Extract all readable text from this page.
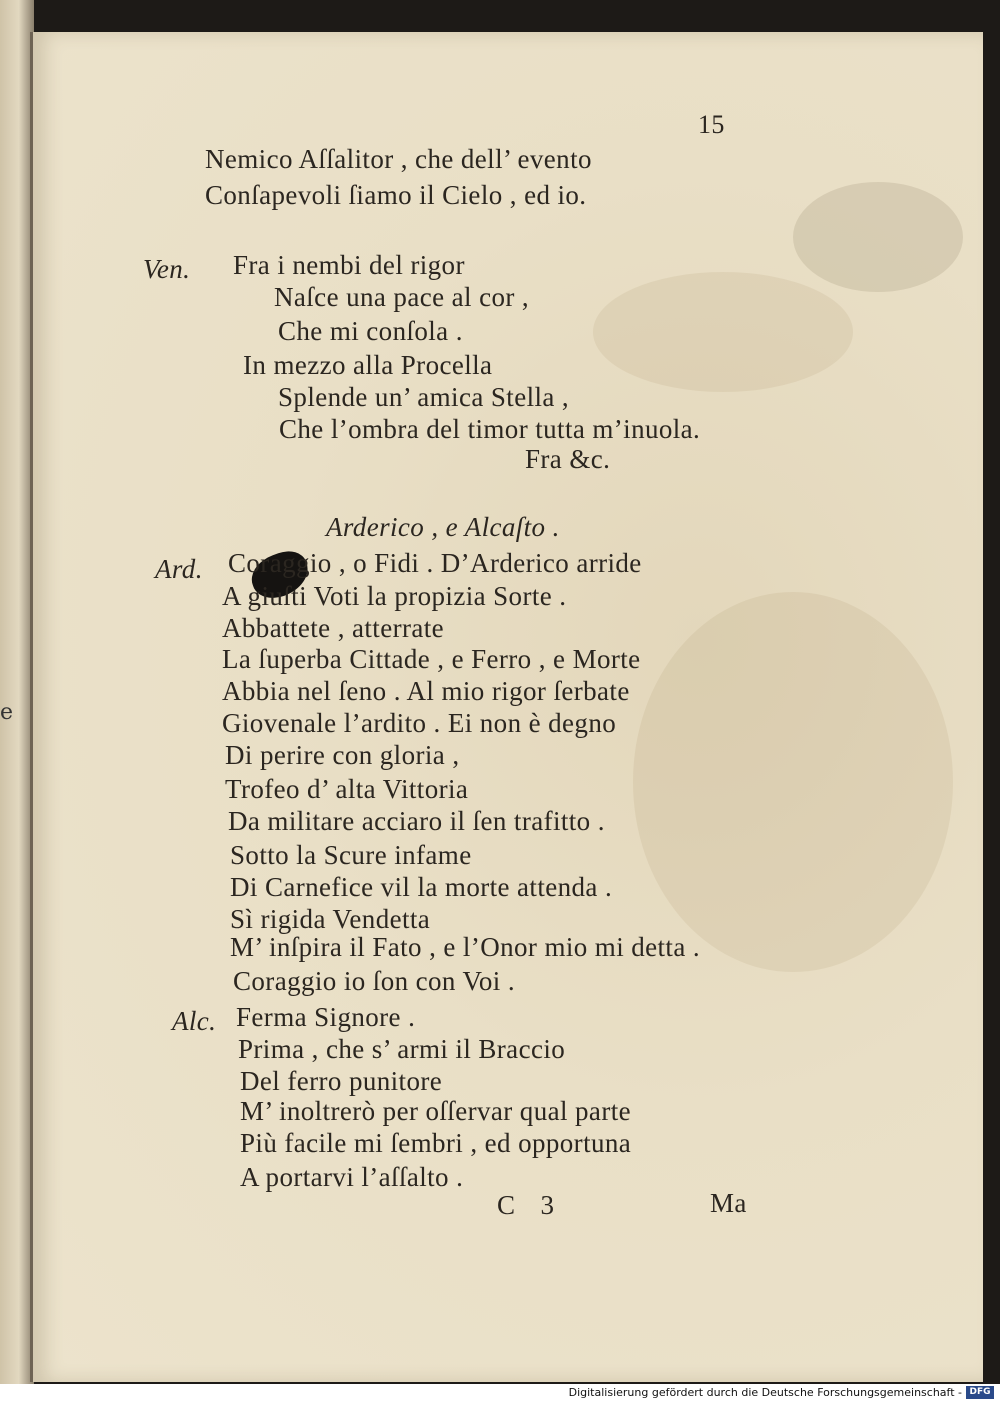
e
15
Nemico Aſſalitor , che dell’ evento
Conſapevoli ſiamo il Cielo , ed io.
Ven. Fra i nembi del rigor
Naſce una pace al cor ,
Che mi conſola .
In mezzo alla Procella
Splende un’ amica Stella ,
Che l’ombra del timor tutta m’inuola.
Fra &c.
Arderico , e Alcaſto .
Ard. Coraggio , o Fidi . D’Arderico arride
A giuſti Voti la propizia Sorte .
Abbattete , atterrate
La ſuperba Cittade , e Ferro , e Morte
Abbia nel ſeno . Al mio rigor ſerbate
Giovenale l’ardito . Ei non è degno
Di perire con gloria ,
Trofeo d’ alta Vittoria
Da militare acciaro il ſen trafitto .
Sotto la Scure infame
Di Carnefice vil la morte attenda .
Sì rigida Vendetta
M’ inſpira il Fato , e l’Onor mio mi detta .
Coraggio io ſon con Voi .
Alc. Ferma Signore .
Prima , che s’ armi il Braccio
Del ferro punitore
M’ inoltrerò per oſſervar qual parte
Più facile mi ſembri , ed opportuna
A portarvi l’aſſalto .
C 3	Ma
Digitalisierung gefördert durch die Deutsche Forschungsgemeinschaft - DFG
